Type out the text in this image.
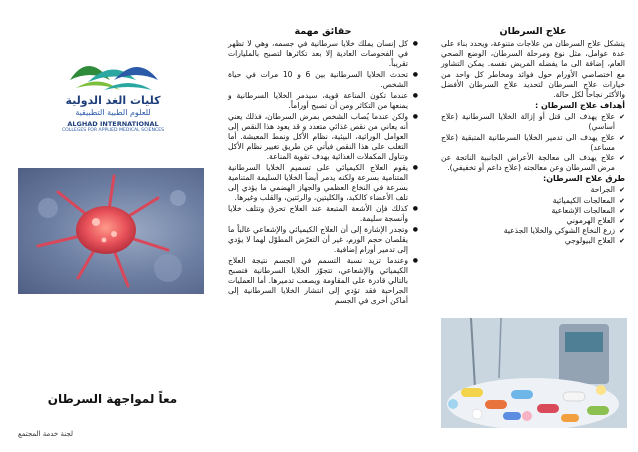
علاج السرطان

يتشكل علاج السرطان من علاجات متنوعة، ويحدد بناء على عدة عوامل، مثل نوع ومرحلة السرطان، الوضع الصحي العام، إضافة الى ما يفضله المريض نفسه. يمكن التشاور مع اختصاصي الأورام حول فوائد ومخاطر كل واحد من خيارات علاج السرطان لتحديد علاج السرطان الأفضل والأكثر نجاحاً لكل حالة.

أهداف علاج السرطان :
✔ علاج يهدف الى قتل أو إزالة الخلايا السرطانية (علاج أساسي)
✔ علاج يهدف الى تدمير الخلايا السرطانية المتبقية (علاج مساعد)
✔ علاج يهدف الى معالجة الأعراض الجانبية الناتجة عن مرض السرطان وعن معالجته (علاج داعم أو تخفيفي).
طرق علاج السرطان:
✔ الجراحة
✔ المعالجات الكيميائية
✔ المعالجات الإشعاعية
✔ العلاج الهرموني
✔ زرع النخاع الشوكي والخلايا الجذعية
✔ العلاج البيولوجي
حقائق مهمة
● كل إنسان يملك خلايا سرطانية في جسمه، وهي لا تظهر في الفحوصات العادية إلا بعد تكاثرها لتصبح بالمليارات تقريباً.
● تحدث الخلايا السرطانية بين 6 و 10 مرات في حياة الشخص.
● عندما تكون المناعة قوية، سيدمر الخلايا السرطانية و يمنعها من التكاثر ومن أن تصبح أوراماً.
● ولكن عندما يُصاب الشخص بمرض السرطان، فذلك يعني أنه يعاني من نقص غذائي متعدد و قد يعود هذا النقص إلى العوامل الوراثية، البيئية، نظام الأكل ونمط المعيشة. أما التغلب على هذا النقص فيأتي عن طريق تغيير نظام الأكل وتناول المكملات الغذائية بهدف تقوية المناعة.
● يقوم العلاج الكيميائي على تسميم الخلايا السرطانية المتنامية بسرعة ولكنه يدمر أيضاً الخلايا السليمة المتنامية بسرعة في النخاع العظمي والجهاز الهضمي ما يؤدي إلى تلف الأعضاء كالكبد، والكليتين، والرئتين، والقلب وغيرها.
● كذلك فإن الأشعة المتبعة عند العلاج تحرق وتتلف خلايا وأنسجة سليمة.
● وتجدر الإشارة إلى أن العلاج الكيميائي والإشعاعي غالباً ما يقلصان حجم الورم، غير أن التعرّض المطوّل لهما لا يؤدي إلى تدمير أورام إضافية.
● وعندما تزيد نسبة التسمم في الجسم نتيجة العلاج الكيميائي والإشعاعي، تتجوّز الخلايا السرطانية فتصبح بالتالي قادرة على المقاومة ويصعب تدميرها. أما العمليات الجراحية فقد تؤدي إلى انتشار الخلايا السرطانية إلى أماكن أخرى في الجسم
كليات الغد الدولية
للعلوم الطبية التطبيقية
ALGHAD INTERNATIONAL
COLLEGES FOR APPLIED MEDICAL SCIENCES
معاً لمواجهة السرطان
لجنة خدمة المجتمع
